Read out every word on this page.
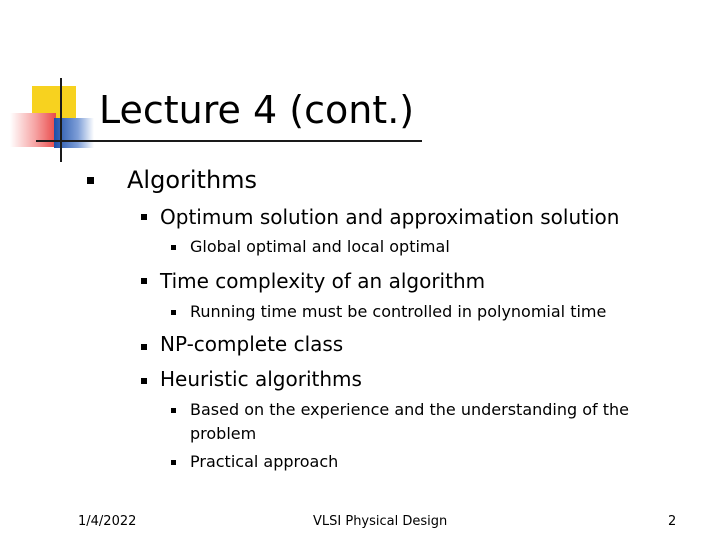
Lecture 4 (cont.)
Algorithms
Optimum solution and approximation solution
Global optimal and local optimal
Time complexity of an algorithm
Running time must be controlled in polynomial time
NP-complete class
Heuristic algorithms
Based on the experience and the understanding of the problem
Practical approach
1/4/2022	VLSI Physical Design	2
